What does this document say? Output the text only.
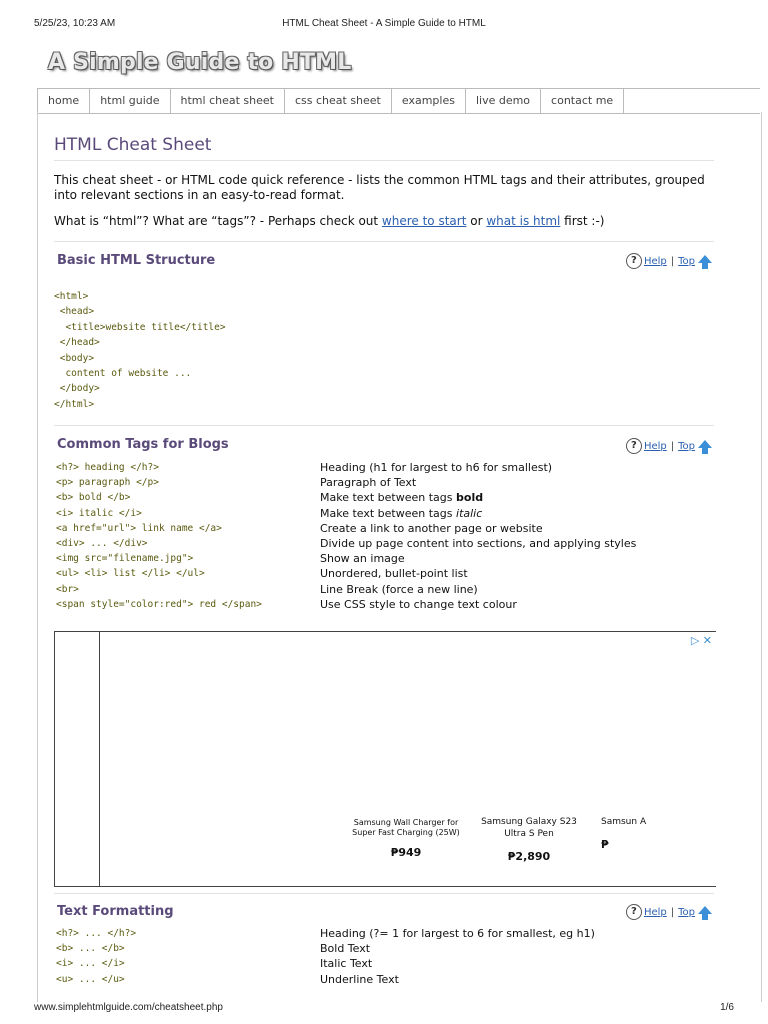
5/25/23, 10:23 AM	HTML Cheat Sheet - A Simple Guide to HTML
A Simple Guide to HTML
home	html guide	html cheat sheet	css cheat sheet	examples	live demo	contact me
HTML Cheat Sheet
This cheat sheet - or HTML code quick reference - lists the common HTML tags and their attributes, grouped into relevant sections in an easy-to-read format.
What is “html”? What are “tags”? - Perhaps check out where to start or what is html first :-)
Basic HTML Structure	? Help | Top
<html>
<head>
<title>website title</title>
</head>
<body>
content of website ...
</body>
</html>
Common Tags for Blogs	? Help | Top
<h?> heading </h?>	Heading (h1 for largest to h6 for smallest)
<p> paragraph </p>	Paragraph of Text
<b> bold </b>	Make text between tags bold
<i> italic </i>	Make text between tags italic
<a href="url"> link name </a>	Create a link to another page or website
<div> ... </div>	Divide up page content into sections, and applying styles
<img src="filename.jpg">	Show an image
<ul> <li> list </li> </ul>	Unordered, bullet-point list
<br>	Line Break (force a new line)
<span style="color:red"> red </span>	Use CSS style to change text colour
▷ ✕
Samsung Wall Charger for Super Fast Charging (25W)
₱949
Samsung Galaxy S23 Ultra S Pen
₱2,890
Samsun A
₱
Text Formatting	? Help | Top
<h?> ... </h?>	Heading (?= 1 for largest to 6 for smallest, eg h1)
<b> ... </b>	Bold Text
<i> ... </i>	Italic Text
<u> ... </u>	Underline Text
www.simplehtmlguide.com/cheatsheet.php	1/6
